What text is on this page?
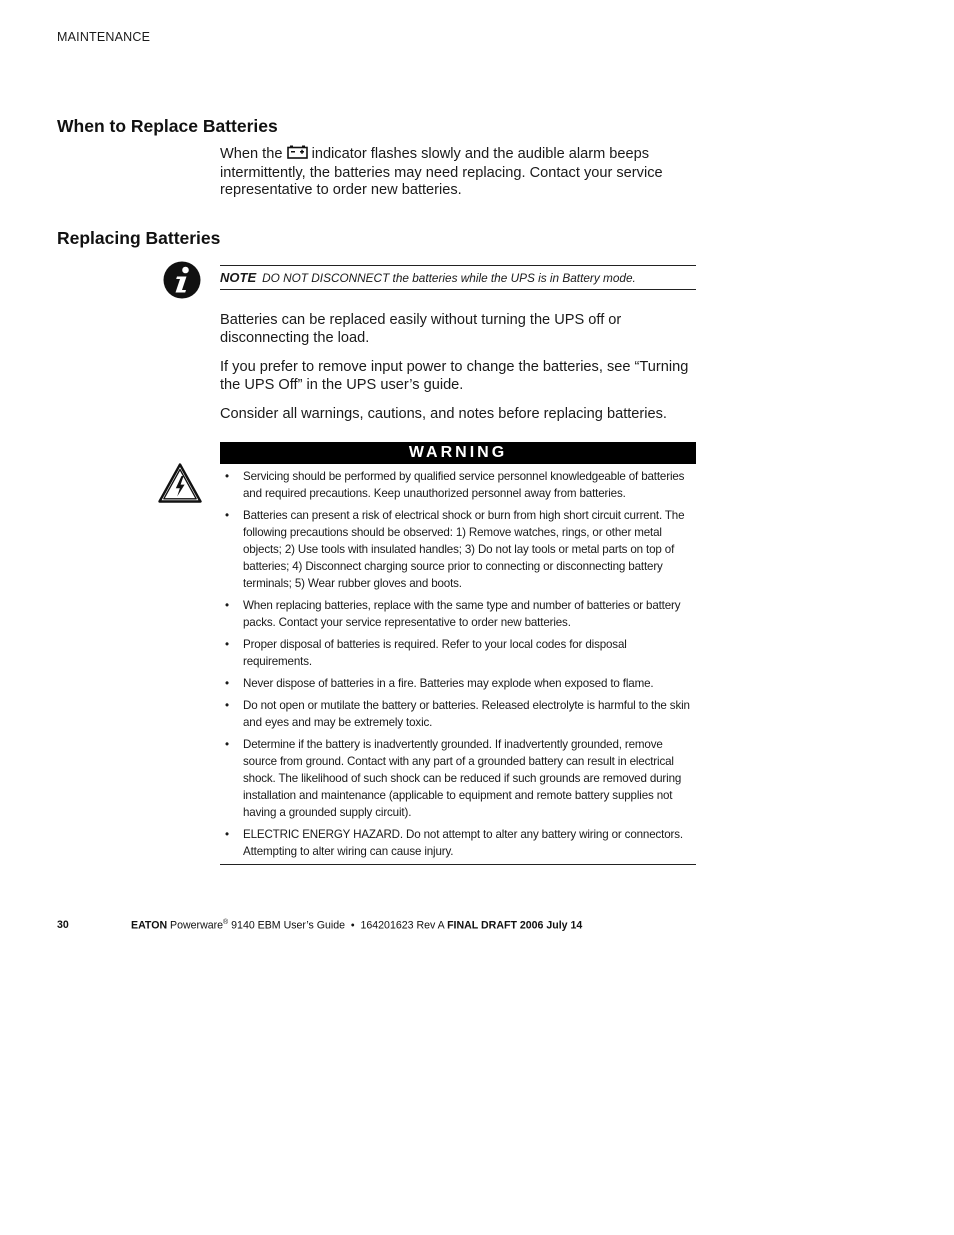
MAINTENANCE
When to Replace Batteries

When the  indicator flashes slowly and the audible alarm beeps intermittently, the batteries may need replacing. Contact your service representative to order new batteries.

Replacing Batteries
NOTE DO NOT DISCONNECT the batteries while the UPS is in Battery mode.
Batteries can be replaced easily without turning the UPS off or disconnecting the load.
If you prefer to remove input power to change the batteries, see “Turning the UPS Off” in the UPS user’s guide.
Consider all warnings, cautions, and notes before replacing batteries.
WARNING
• Servicing should be performed by qualified service personnel knowledgeable of batteries and required precautions. Keep unauthorized personnel away from batteries.
• Batteries can present a risk of electrical shock or burn from high short circuit current. The following precautions should be observed: 1) Remove watches, rings, or other metal objects; 2) Use tools with insulated handles; 3) Do not lay tools or metal parts on top of batteries; 4) Disconnect charging source prior to connecting or disconnecting battery terminals; 5) Wear rubber gloves and boots.
• When replacing batteries, replace with the same type and number of batteries or battery packs. Contact your service representative to order new batteries.
• Proper disposal of batteries is required. Refer to your local codes for disposal requirements.
• Never dispose of batteries in a fire. Batteries may explode when exposed to flame.
• Do not open or mutilate the battery or batteries. Released electrolyte is harmful to the skin and eyes and may be extremely toxic.
• Determine if the battery is inadvertently grounded. If inadvertently grounded, remove source from ground. Contact with any part of a grounded battery can result in electrical shock. The likelihood of such shock can be reduced if such grounds are removed during installation and maintenance (applicable to equipment and remote battery supplies not having a grounded supply circuit).
• ELECTRIC ENERGY HAZARD. Do not attempt to alter any battery wiring or connectors. Attempting to alter wiring can cause injury.
30	EATON Powerware® 9140 EBM User’s Guide  •  164201623 Rev A FINAL DRAFT 2006 July 14
